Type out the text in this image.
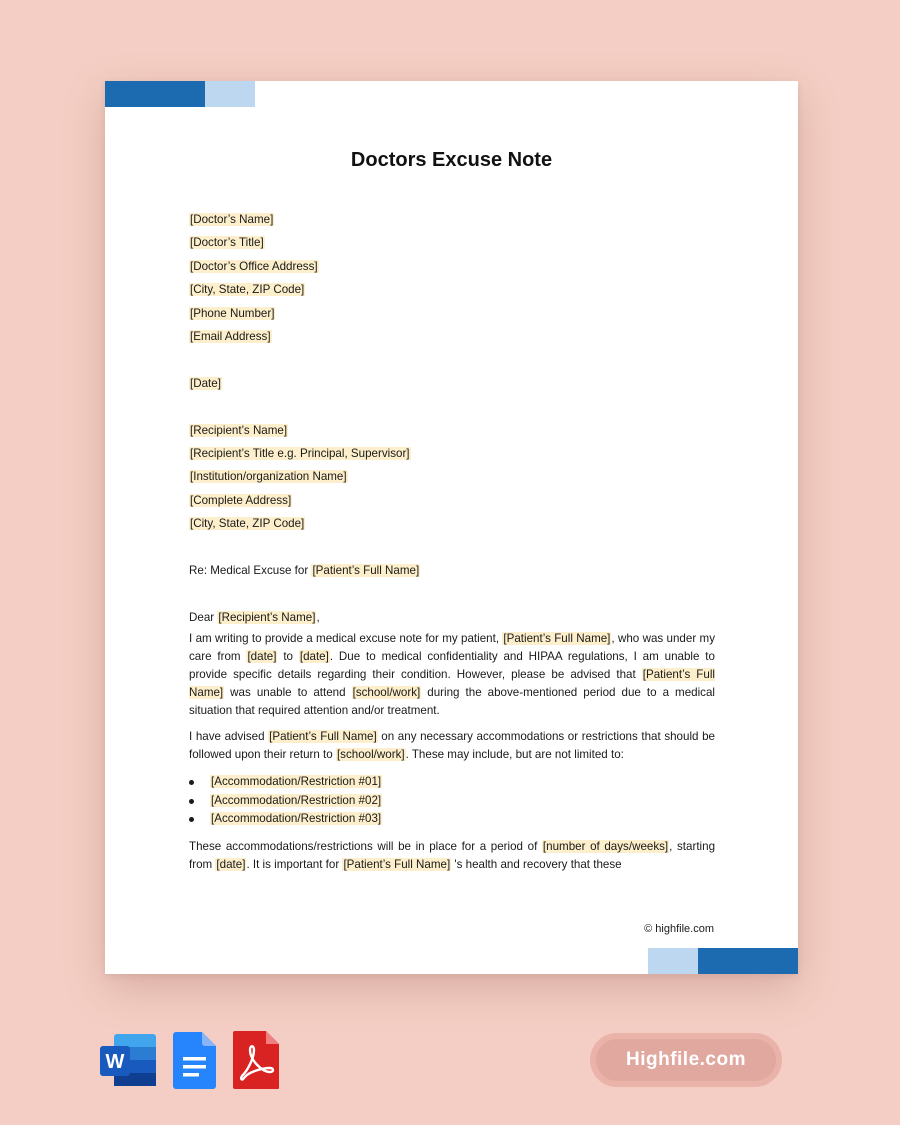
Doctors Excuse Note
[Doctor’s Name]
[Doctor’s Title]
[Doctor’s Office Address]
[City, State, ZIP Code]
[Phone Number]
[Email Address]
[Date]
[Recipient’s Name]
[Recipient’s Title e.g. Principal, Supervisor]
[Institution/organization Name]
[Complete Address]
[City, State, ZIP Code]
Re: Medical Excuse for [Patient’s Full Name]
Dear [Recipient’s Name],

I am writing to provide a medical excuse note for my patient, [Patient’s Full Name], who was under my care from [date] to [date]. Due to medical confidentiality and HIPAA regulations, I am unable to provide specific details regarding their condition. However, please be advised that [Patient’s Full Name] was unable to attend [school/work] during the above-mentioned period due to a medical situation that required attention and/or treatment.

I have advised [Patient’s Full Name] on any necessary accommodations or restrictions that should be followed upon their return to [school/work]. These may include, but are not limited to:

[Accommodation/Restriction #01]
[Accommodation/Restriction #02]
[Accommodation/Restriction #03]

These accommodations/restrictions will be in place for a period of [number of days/weeks], starting from [date]. It is important for [Patient’s Full Name] 's health and recovery that these

© highfile.com
W	Highfile.com
